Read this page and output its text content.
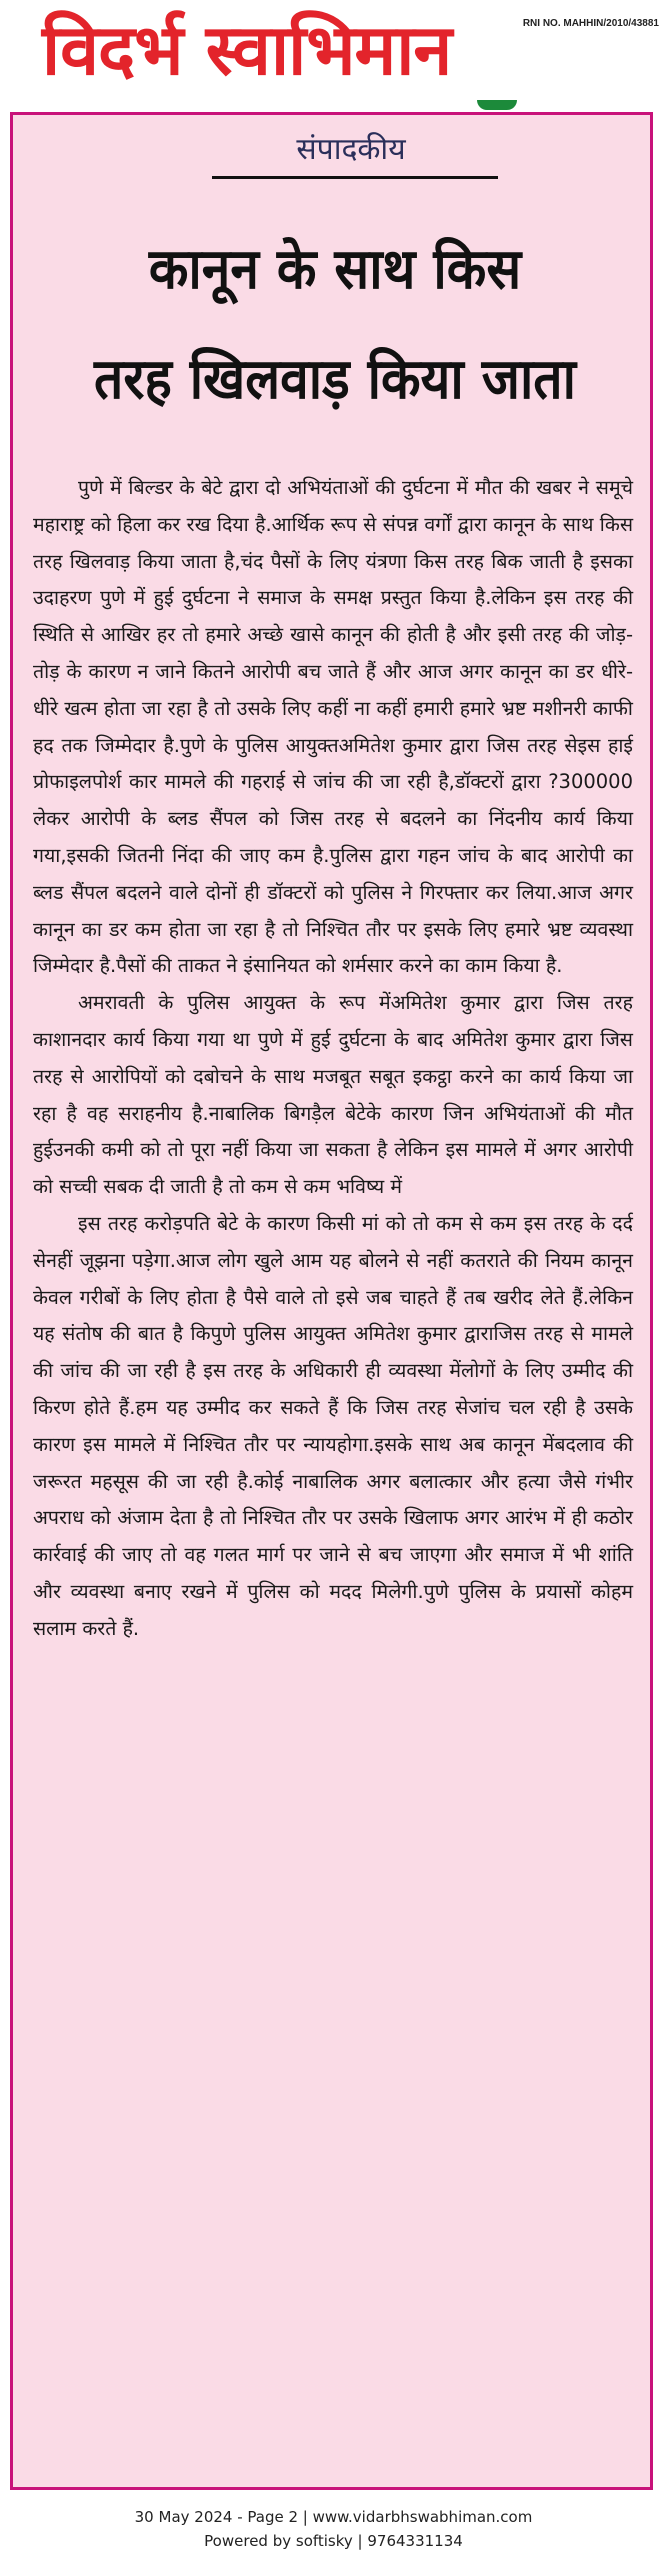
विदर्भ स्वाभिमान	RNI NO. MAHHIN/2010/43881
संपादकीय
कानून के साथ किस
तरह खिलवाड़ किया जाता

पुणे में बिल्डर के बेटे द्वारा दो अभियंताओं की दुर्घटना में मौत की खबर ने समूचे महाराष्ट्र को हिला कर रख दिया है.आर्थिक रूप से संपन्न वर्गों द्वारा कानून के साथ किस तरह खिलवाड़ किया जाता है,चंद पैसों के लिए यंत्रणा किस तरह बिक जाती है इसका उदाहरण पुणे में हुई दुर्घटना ने समाज के समक्ष प्रस्तुत किया है.लेकिन इस तरह की स्थिति से आखिर हर तो हमारे अच्छे खासे कानून की होती है और इसी तरह की जोड़-तोड़ के कारण न जाने कितने आरोपी बच जाते हैं और आज अगर कानून का डर धीरे-धीरे खत्म होता जा रहा है तो उसके लिए कहीं ना कहीं हमारी हमारे भ्रष्ट मशीनरी काफी हद तक जिम्मेदार है.पुणे के पुलिस आयुक्तअमितेश कुमार द्वारा जिस तरह सेइस हाई प्रोफाइलपोर्श कार मामले की गहराई से जांच की जा रही है,डॉक्टरों द्वारा ?300000 लेकर आरोपी के ब्लड सैंपल को जिस तरह से बदलने का निंदनीय कार्य किया गया,इसकी जितनी निंदा की जाए कम है.पुलिस द्वारा गहन जांच के बाद आरोपी का ब्लड सैंपल बदलने वाले दोनों ही डॉक्टरों को पुलिस ने गिरफ्तार कर लिया.आज अगर कानून का डर कम होता जा रहा है तो निश्चित तौर पर इसके लिए हमारे भ्रष्ट व्यवस्था जिम्मेदार है.पैसों की ताकत ने इंसानियत को शर्मसार करने का काम किया है.

अमरावती के पुलिस आयुक्त के रूप मेंअमितेश कुमार द्वारा जिस तरह काशानदार कार्य किया गया था पुणे में हुई दुर्घटना के बाद अमितेश कुमार द्वारा जिस तरह से आरोपियों को दबोचने के साथ मजबूत सबूत इकट्ठा करने का कार्य किया जा रहा है वह सराहनीय है.नाबालिक बिगड़ैल बेटेके कारण जिन अभियंताओं की मौत हुईउनकी कमी को तो पूरा नहीं किया जा सकता है लेकिन इस मामले में अगर आरोपी को सच्ची सबक दी जाती है तो कम से कम भविष्य में

इस तरह करोड़पति बेटे के कारण किसी मां को तो कम से कम इस तरह के दर्द सेनहीं जूझना पड़ेगा.आज लोग खुले आम यह बोलने से नहीं कतराते की नियम कानून केवल गरीबों के लिए होता है पैसे वाले तो इसे जब चाहते हैं तब खरीद लेते हैं.लेकिन यह संतोष की बात है किपुणे पुलिस आयुक्त अमितेश कुमार द्वाराजिस तरह से मामले की जांच की जा रही है इस तरह के अधिकारी ही व्यवस्था मेंलोगों के लिए उम्मीद की किरण होते हैं.हम यह उम्मीद कर सकते हैं कि जिस तरह सेजांच चल रही है उसके कारण इस मामले में निश्चित तौर पर न्यायहोगा.इसके साथ अब कानून मेंबदलाव की जरूरत महसूस की जा रही है.कोई नाबालिक अगर बलात्कार और हत्या जैसे गंभीर अपराध को अंजाम देता है तो निश्चित तौर पर उसके खिलाफ अगर आरंभ में ही कठोर कार्रवाई की जाए तो वह गलत मार्ग पर जाने से बच जाएगा और समाज में भी शांति और व्यवस्था बनाए रखने में पुलिस को मदद मिलेगी.पुणे पुलिस के प्रयासों कोहम सलाम करते हैं.

30 May 2024 - Page 2 | www.vidarbhswabhiman.com
Powered by softisky | 9764331134
